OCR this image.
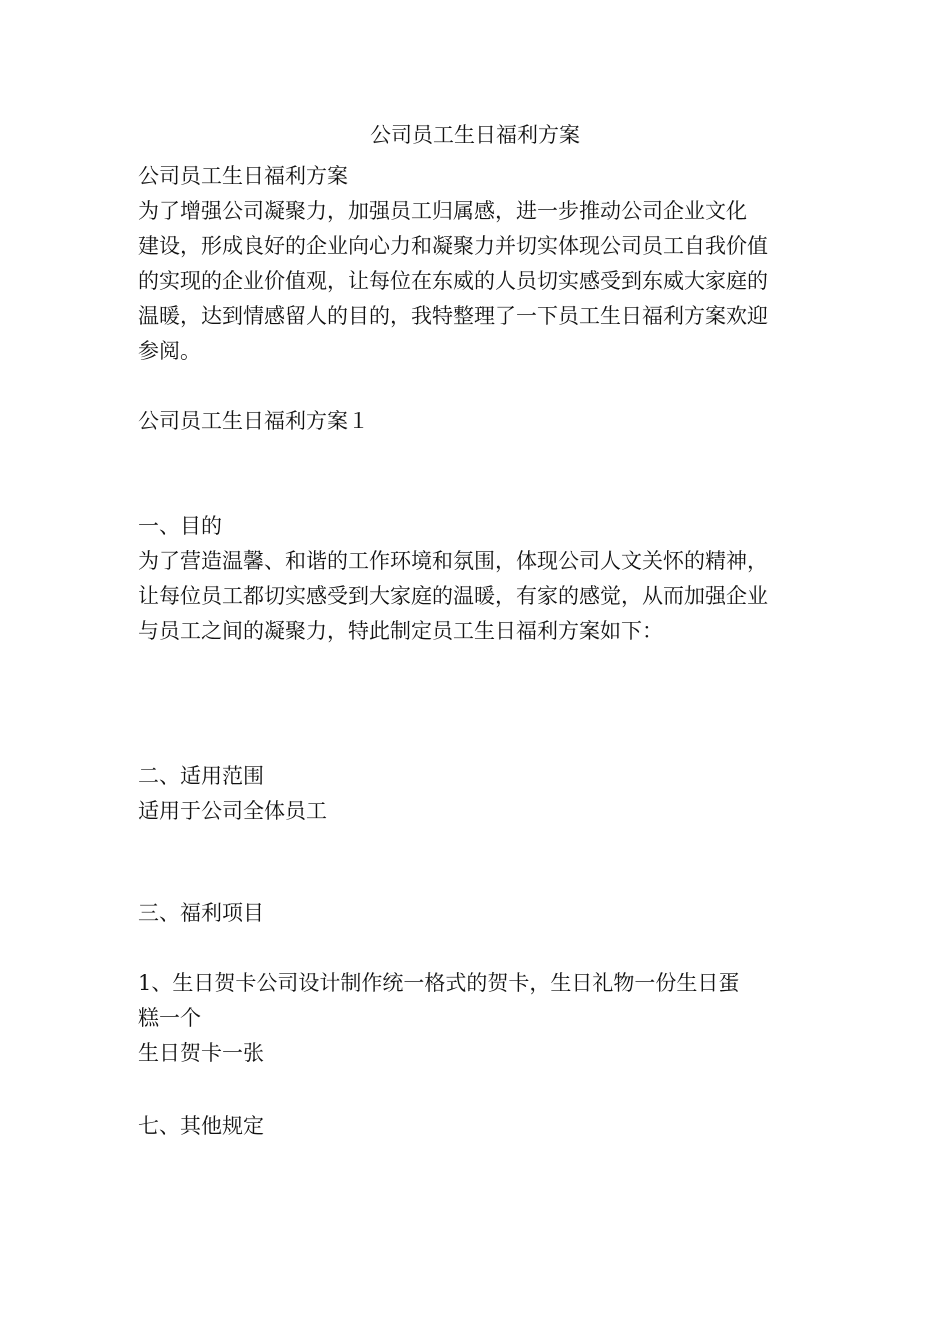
公司员工生日福利方案
公司员工生日福利方案
为了增强公司凝聚力，加强员工归属感，进一步推动公司企业文化
建设，形成良好的企业向心力和凝聚力并切实体现公司员工自我价值
的实现的企业价值观，让每位在东威的人员切实感受到东威大家庭的
温暖，达到情感留人的目的，我特整理了一下员工生日福利方案欢迎
参阅。
公司员工生日福利方案１
一、目的
为了营造温馨、和谐的工作环境和氛围，体现公司人文关怀的精神，
让每位员工都切实感受到大家庭的温暖，有家的感觉，从而加强企业
与员工之间的凝聚力，特此制定员工生日福利方案如下：
二、适用范围
适用于公司全体员工
三、福利项目
1、生日贺卡公司设计制作统一格式的贺卡，生日礼物一份生日蛋
糕一个
生日贺卡一张
七、其他规定
